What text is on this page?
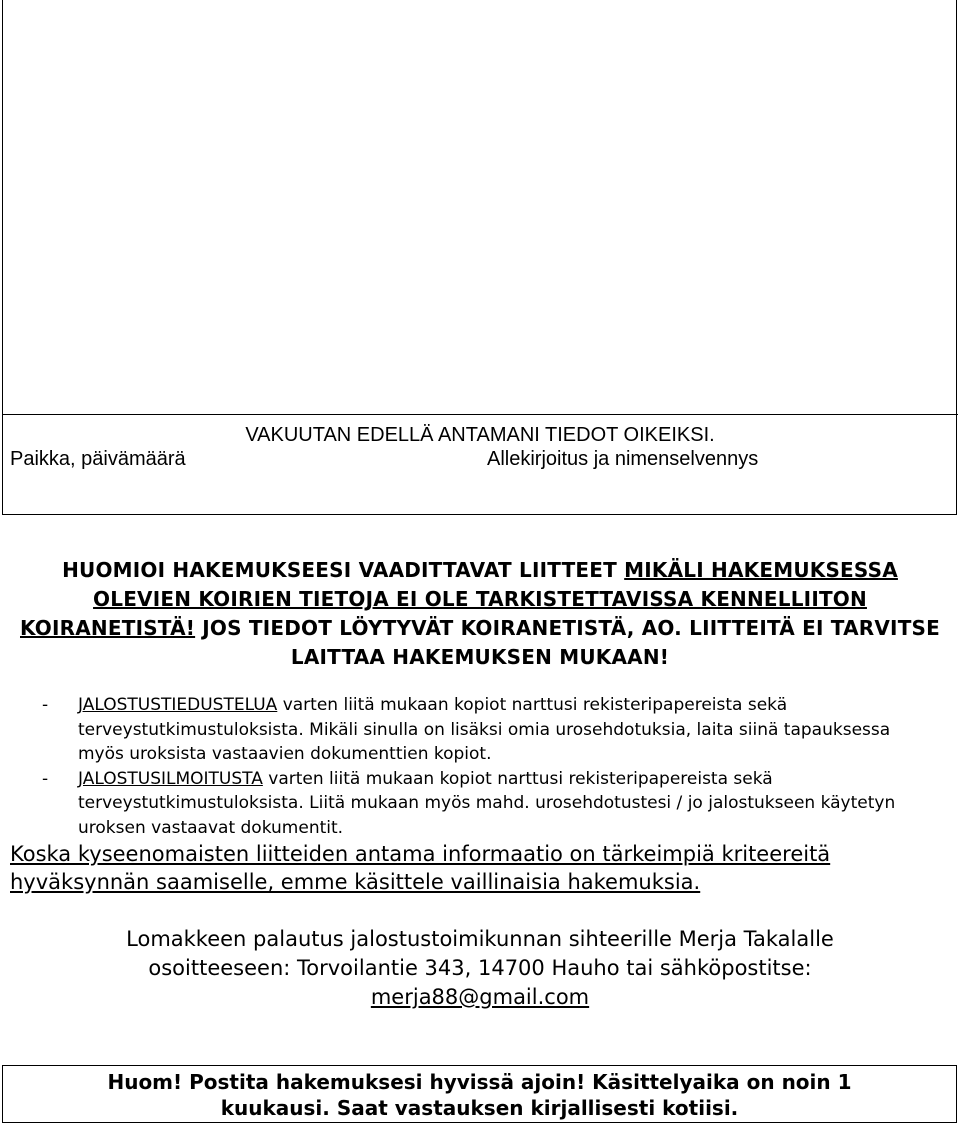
VAKUUTAN EDELLÄ ANTAMANI TIEDOT OIKEIKSI.
Paikka, päivämäärä	Allekirjoitus ja nimenselvennys
HUOMIOI HAKEMUKSEESI VAADITTAVAT LIITTEET MIKÄLI HAKEMUKSESSA OLEVIEN KOIRIEN TIETOJA EI OLE TARKISTETTAVISSA KENNELLIITON KOIRANETISTÄ! JOS TIEDOT LÖYTYVÄT KOIRANETISTÄ, AO. LIITTEITÄ EI TARVITSE LAITTAA HAKEMUKSEN MUKAAN!
- JALOSTUSTIEDUSTELUA varten liitä mukaan kopiot narttusi rekisteripapereista sekä terveystutkimustuloksista. Mikäli sinulla on lisäksi omia urosehdotuksia, laita siinä tapauksessa myös uroksista vastaavien dokumenttien kopiot.
- JALOSTUSILMOITUSTA varten liitä mukaan kopiot narttusi rekisteripapereista sekä terveystutkimustuloksista. Liitä mukaan myös mahd. urosehdotustesi / jo jalostukseen käytetyn uroksen vastaavat dokumentit.
Koska kyseenomaisten liitteiden antama informaatio on tärkeimpiä kriteereitä hyväksynnän saamiselle, emme käsittele vaillinaisia hakemuksia.
Lomakkeen palautus jalostustoimikunnan sihteerille Merja Takalalle
osoitteeseen: Torvoilantie 343, 14700 Hauho tai sähköpostitse:
merja88@gmail.com
Huom! Postita hakemuksesi hyvissä ajoin! Käsittelyaika on noin 1
kuukausi. Saat vastauksen kirjallisesti kotiisi.
